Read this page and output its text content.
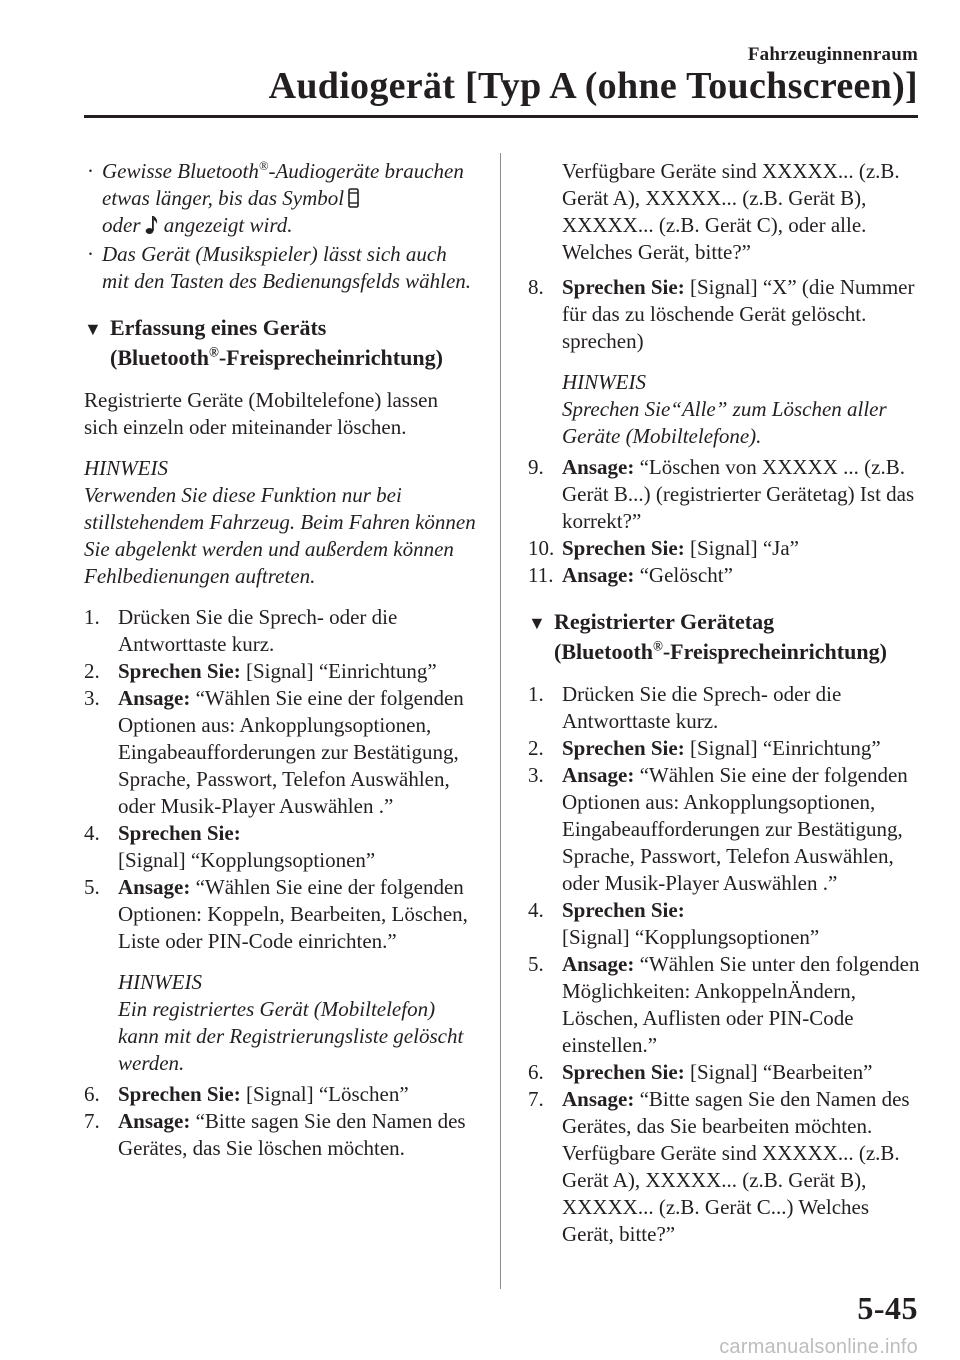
Fahrzeuginnenraum
Audiogerät [Typ A (ohne Touchscreen)]
· Gewisse Bluetooth®-Audiogeräte brauchen etwas länger, bis das Symbol

oder angezeigt wird.
· Das Gerät (Musikspieler) lässt sich auch mit den Tasten des Bedienungsfelds wählen.
▼ Erfassung eines Geräts
(Bluetooth®-Freisprecheinrichtung)

Registrierte Geräte (Mobiltelefone) lassen sich einzeln oder miteinander löschen.

HINWEIS
Verwenden Sie diese Funktion nur bei stillstehendem Fahrzeug. Beim Fahren können Sie abgelenkt werden und außerdem können Fehlbedienungen auftreten.
1. Drücken Sie die Sprech- oder die Antworttaste kurz.
2. Sprechen Sie: [Signal] “Einrichtung”
3. Ansage: “Wählen Sie eine der folgenden Optionen aus: Ankopplungsoptionen, Eingabeaufforderungen zur Bestätigung, Sprache, Passwort, Telefon Auswählen, oder Musik-Player Auswählen .”
4. Sprechen Sie:
[Signal] “Kopplungsoptionen”
5. Ansage: “Wählen Sie eine der folgenden Optionen: Koppeln, Bearbeiten, Löschen, Liste oder PIN-Code einrichten.”
HINWEIS
Ein registriertes Gerät (Mobiltelefon) kann mit der Registrierungsliste gelöscht werden.
6. Sprechen Sie: [Signal] “Löschen”
7. Ansage: “Bitte sagen Sie den Namen des Gerätes, das Sie löschen möchten.
Verfügbare Geräte sind XXXXX... (z.B. Gerät A), XXXXX... (z.B. Gerät B), XXXXX... (z.B. Gerät C), oder alle. Welches Gerät, bitte?”
8. Sprechen Sie: [Signal] “X” (die Nummer für das zu löschende Gerät gelöscht. sprechen)
HINWEIS
Sprechen Sie“Alle” zum Löschen aller Geräte (Mobiltelefone).
9. Ansage: “Löschen von XXXXX ... (z.B. Gerät B...) (registrierter Gerätetag) Ist das korrekt?”
10. Sprechen Sie: [Signal] “Ja”
11. Ansage: “Gelöscht”
▼ Registrierter Gerätetag
(Bluetooth®-Freisprecheinrichtung)
1. Drücken Sie die Sprech- oder die Antworttaste kurz.
2. Sprechen Sie: [Signal] “Einrichtung”
3. Ansage: “Wählen Sie eine der folgenden Optionen aus: Ankopplungsoptionen, Eingabeaufforderungen zur Bestätigung, Sprache, Passwort, Telefon Auswählen, oder Musik-Player Auswählen .”
4. Sprechen Sie:
[Signal] “Kopplungsoptionen”
5. Ansage: “Wählen Sie unter den folgenden Möglichkeiten: AnkoppelnÄndern, Löschen, Auflisten oder PIN-Code einstellen.”
6. Sprechen Sie: [Signal] “Bearbeiten”
7. Ansage: “Bitte sagen Sie den Namen des Gerätes, das Sie bearbeiten möchten. Verfügbare Geräte sind XXXXX... (z.B. Gerät A), XXXXX... (z.B. Gerät B), XXXXX... (z.B. Gerät C...) Welches Gerät, bitte?”
5-45
carmanualsonline.info
